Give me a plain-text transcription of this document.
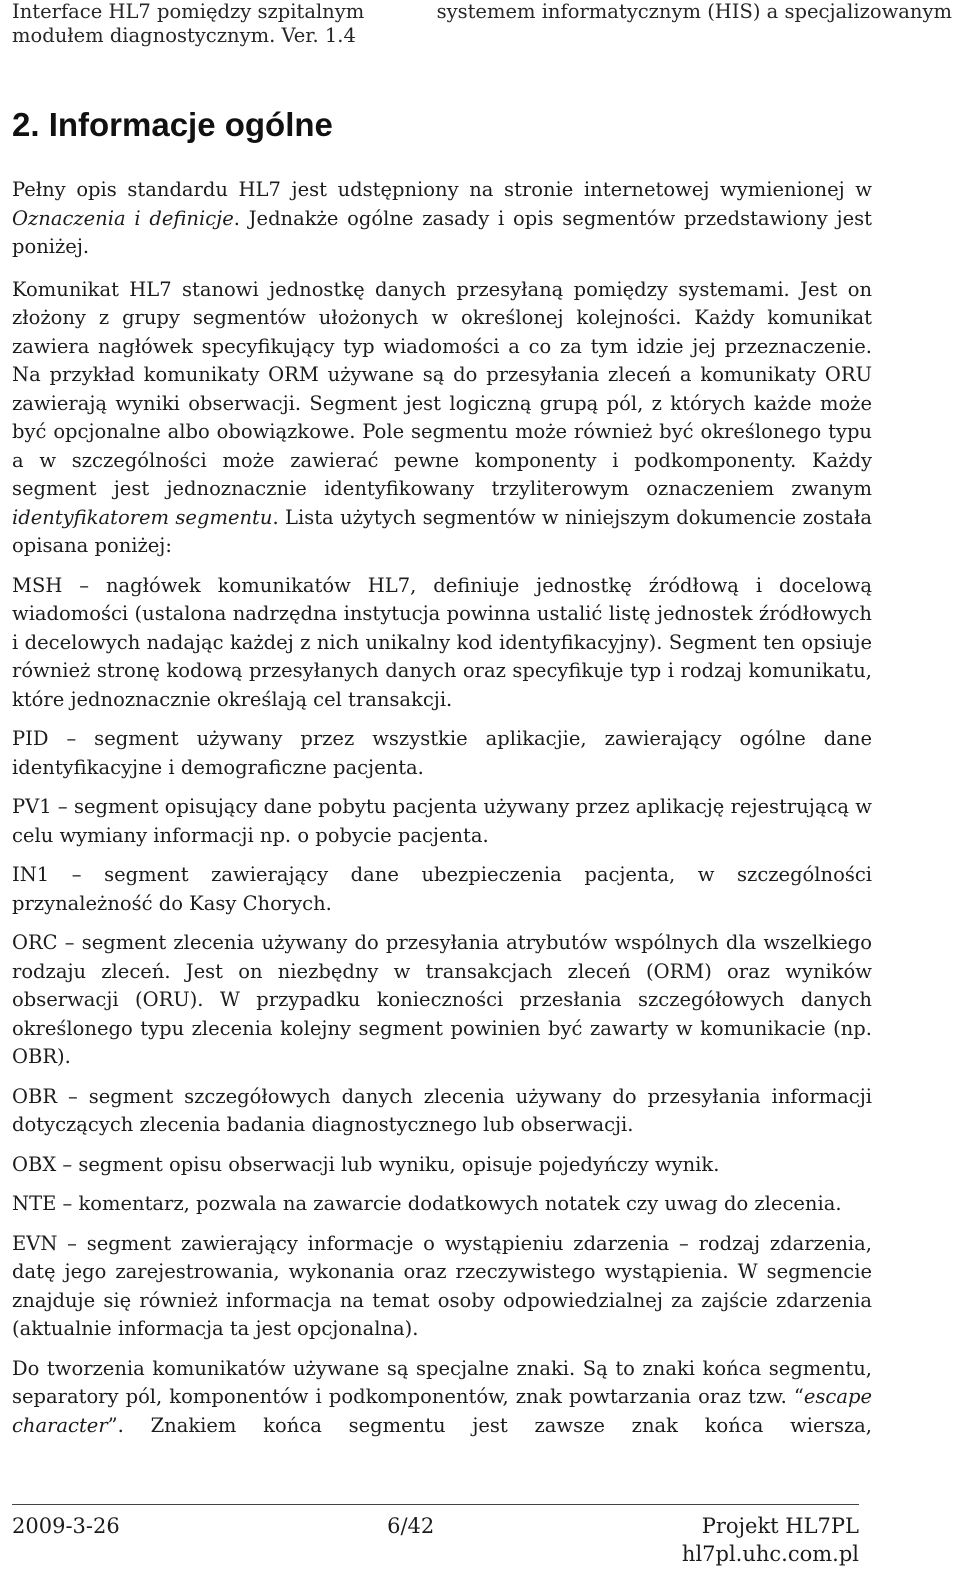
Interface HL7 pomiędzy szpitalnym	systemem informatycznym (HIS) a specjalizowanym
modułem diagnostycznym. Ver. 1.4
2. Informacje ogólne

Pełny opis standardu HL7 jest udstępniony na stronie internetowej wymienionej w Oznaczenia i definicje. Jednakże ogólne zasady i opis segmentów przedstawiony jest poniżej.

Komunikat HL7 stanowi jednostkę danych przesyłaną pomiędzy systemami. Jest on złożony z grupy segmentów ułożonych w określonej kolejności. Każdy komunikat zawiera nagłówek specyfikujący typ wiadomości a co za tym idzie jej przeznaczenie. Na przykład komunikaty ORM używane są do przesyłania zleceń a komunikaty ORU zawierają wyniki obserwacji. Segment jest logiczną grupą pól, z których każde może być opcjonalne albo obowiązkowe. Pole segmentu może również być określonego typu a w szczególności może zawierać pewne komponenty i podkomponenty. Każdy segment jest jednoznacznie identyfikowany trzyliterowym oznaczeniem zwanym identyfikatorem segmentu. Lista użytych segmentów w niniejszym dokumencie została opisana poniżej:

MSH – nagłówek komunikatów HL7, definiuje jednostkę źródłową i docelową wiadomości (ustalona nadrzędna instytucja powinna ustalić listę jednostek źródłowych i decelowych nadając każdej z nich unikalny kod identyfikacyjny). Segment ten opsiuje również stronę kodową przesyłanych danych oraz specyfikuje typ i rodzaj komunikatu, które jednoznacznie określają cel transakcji.

PID – segment używany przez wszystkie aplikacjie, zawierający ogólne dane identyfikacyjne i demograficzne pacjenta.

PV1 – segment opisujący dane pobytu pacjenta używany przez aplikację rejestrującą w celu wymiany informacji np. o pobycie pacjenta.

IN1 – segment zawierający dane ubezpieczenia pacjenta, w szczególności przynależność do Kasy Chorych.

ORC – segment zlecenia używany do przesyłania atrybutów wspólnych dla wszelkiego rodzaju zleceń. Jest on niezbędny w transakcjach zleceń (ORM) oraz wyników obserwacji (ORU). W przypadku konieczności przesłania szczegółowych danych określonego typu zlecenia kolejny segment powinien być zawarty w komunikacie (np. OBR).

OBR – segment szczegółowych danych zlecenia używany do przesyłania informacji dotyczących zlecenia badania diagnostycznego lub obserwacji.

OBX – segment opisu obserwacji lub wyniku, opisuje pojedyńczy wynik.

NTE – komentarz, pozwala na zawarcie dodatkowych notatek czy uwag do zlecenia.

EVN – segment zawierający informacje o wystąpieniu zdarzenia – rodzaj zdarzenia, datę jego zarejestrowania, wykonania oraz rzeczywistego wystąpienia. W segmencie znajduje się również informacja na temat osoby odpowiedzialnej za zajście zdarzenia (aktualnie informacja ta jest opcjonalna).

Do tworzenia komunikatów używane są specjalne znaki. Są to znaki końca segmentu, separatory pól, komponentów i podkomponentów, znak powtarzania oraz tzw. “escape character”. Znakiem końca segmentu jest zawsze znak końca wiersza,

2009-3-26	6/42	Projekt HL7PL
hl7pl.uhc.com.pl
